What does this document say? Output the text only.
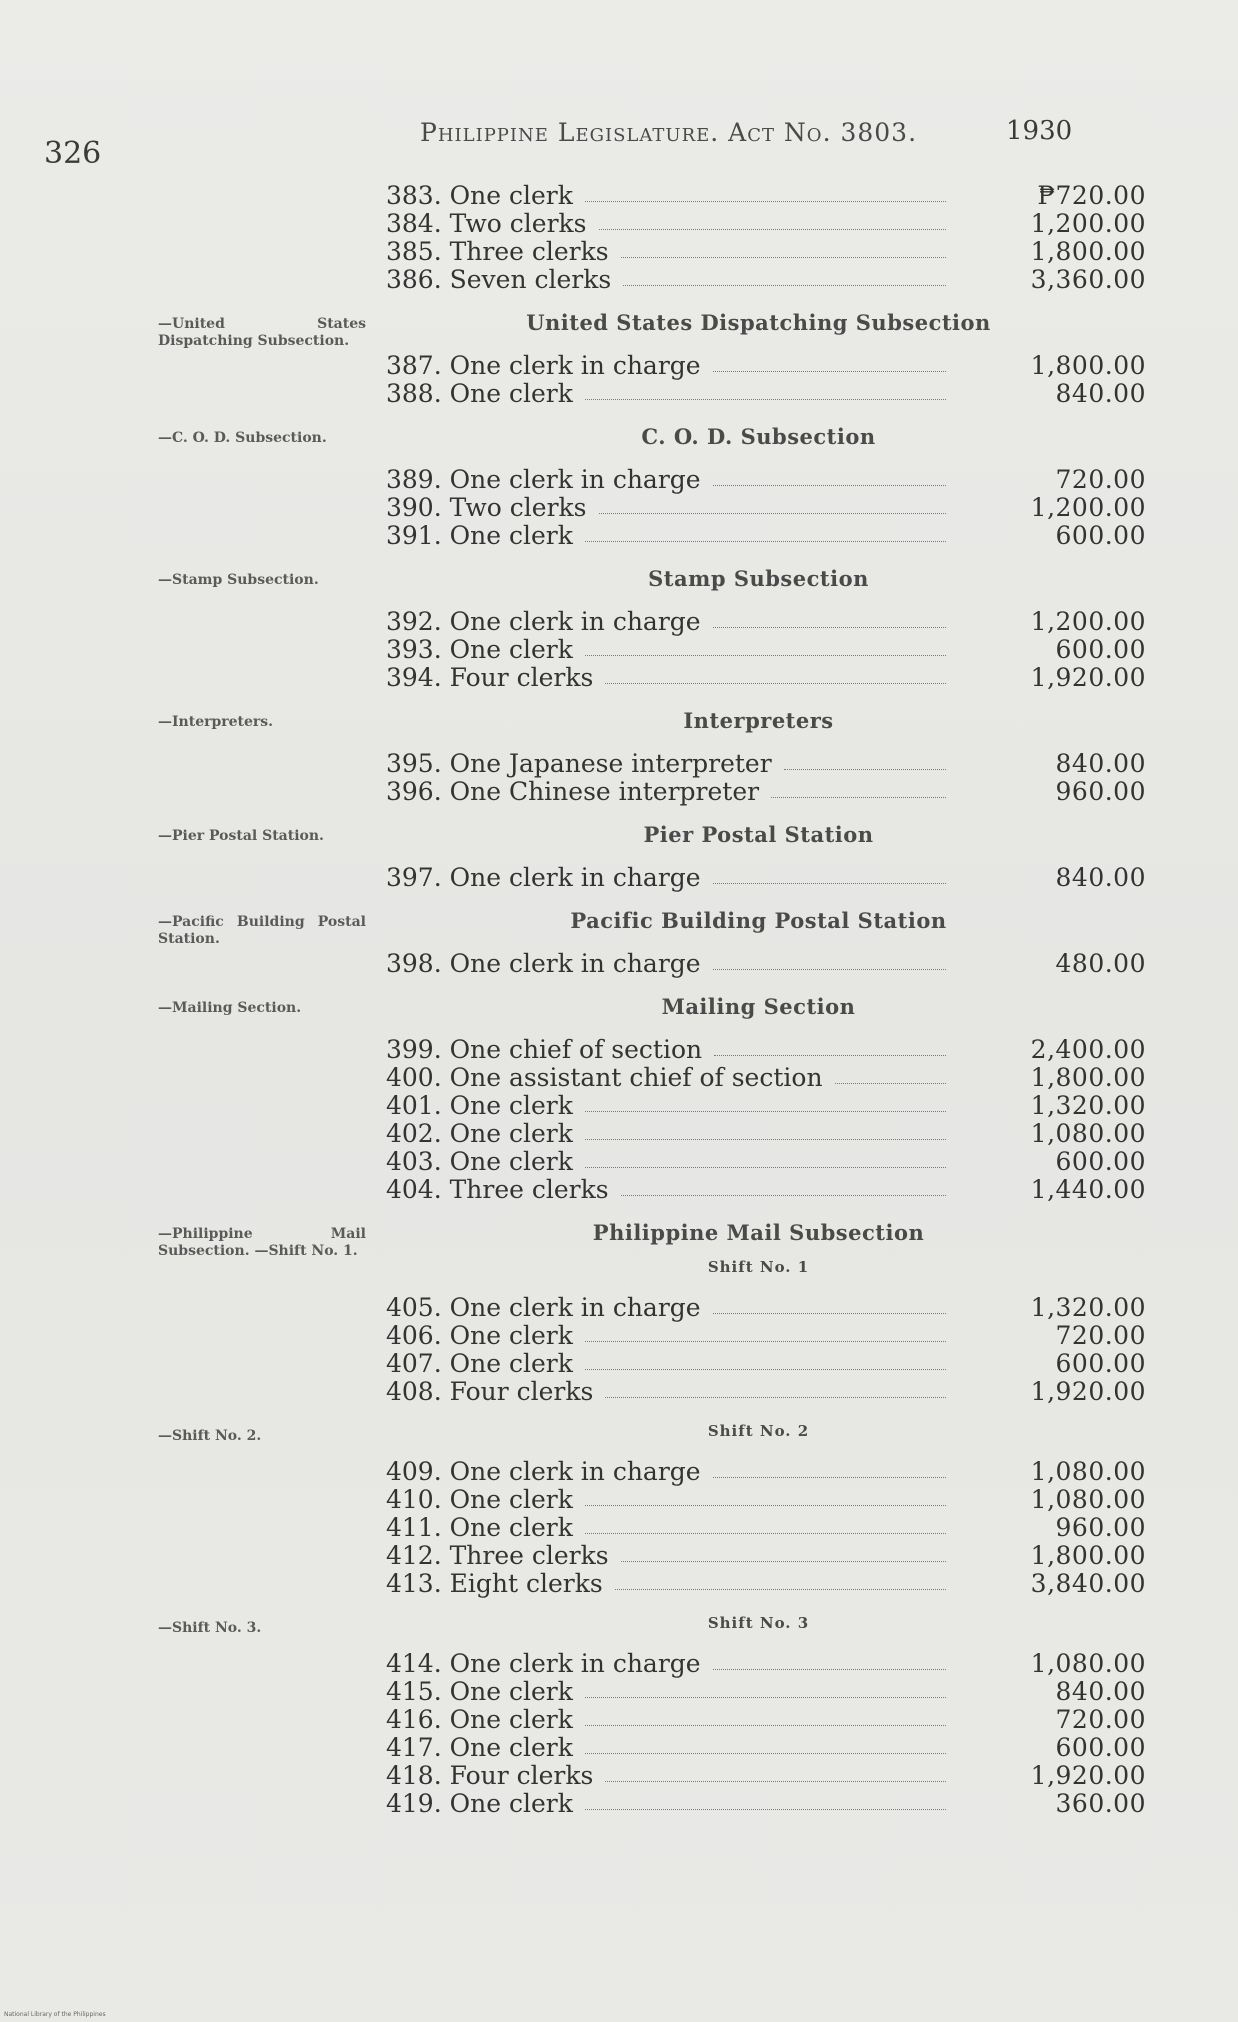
326
Philippine Legislature. Act No. 3803.	1930
383. One clerk	₱720.00
384. Two clerks	1,200.00
385. Three clerks	1,800.00
386. Seven clerks	3,360.00
—United States Dispatching Subsection.
United States Dispatching Subsection
387. One clerk in charge	1,800.00
388. One clerk	840.00
—C. O. D. Subsection.	C. O. D. Subsection
389. One clerk in charge	720.00
390. Two clerks	1,200.00
391. One clerk	600.00
—Stamp Subsection.	Stamp Subsection
392. One clerk in charge	1,200.00
393. One clerk	600.00
394. Four clerks	1,920.00
—Interpreters.	Interpreters
395. One Japanese interpreter	840.00
396. One Chinese interpreter	960.00
—Pier Postal Station.	Pier Postal Station
397. One clerk in charge	840.00
—Pacific Building Postal Station.
Pacific Building Postal Station
398. One clerk in charge	480.00
—Mailing Section.	Mailing Section
399. One chief of section	2,400.00
400. One assistant chief of section	1,800.00
401. One clerk	1,320.00
402. One clerk	1,080.00
403. One clerk	600.00
404. Three clerks	1,440.00
—Philippine Mail Subsection. —Shift No. 1.
Philippine Mail Subsection
Shift No. 1
405. One clerk in charge	1,320.00
406. One clerk	720.00
407. One clerk	600.00
408. Four clerks	1,920.00
—Shift No. 2.	Shift No. 2
409. One clerk in charge	1,080.00
410. One clerk	1,080.00
411. One clerk	960.00
412. Three clerks	1,800.00
413. Eight clerks	3,840.00
—Shift No. 3.	Shift No. 3
414. One clerk in charge	1,080.00
415. One clerk	840.00
416. One clerk	720.00
417. One clerk	600.00
418. Four clerks	1,920.00
419. One clerk	360.00
National Library of the Philippines
